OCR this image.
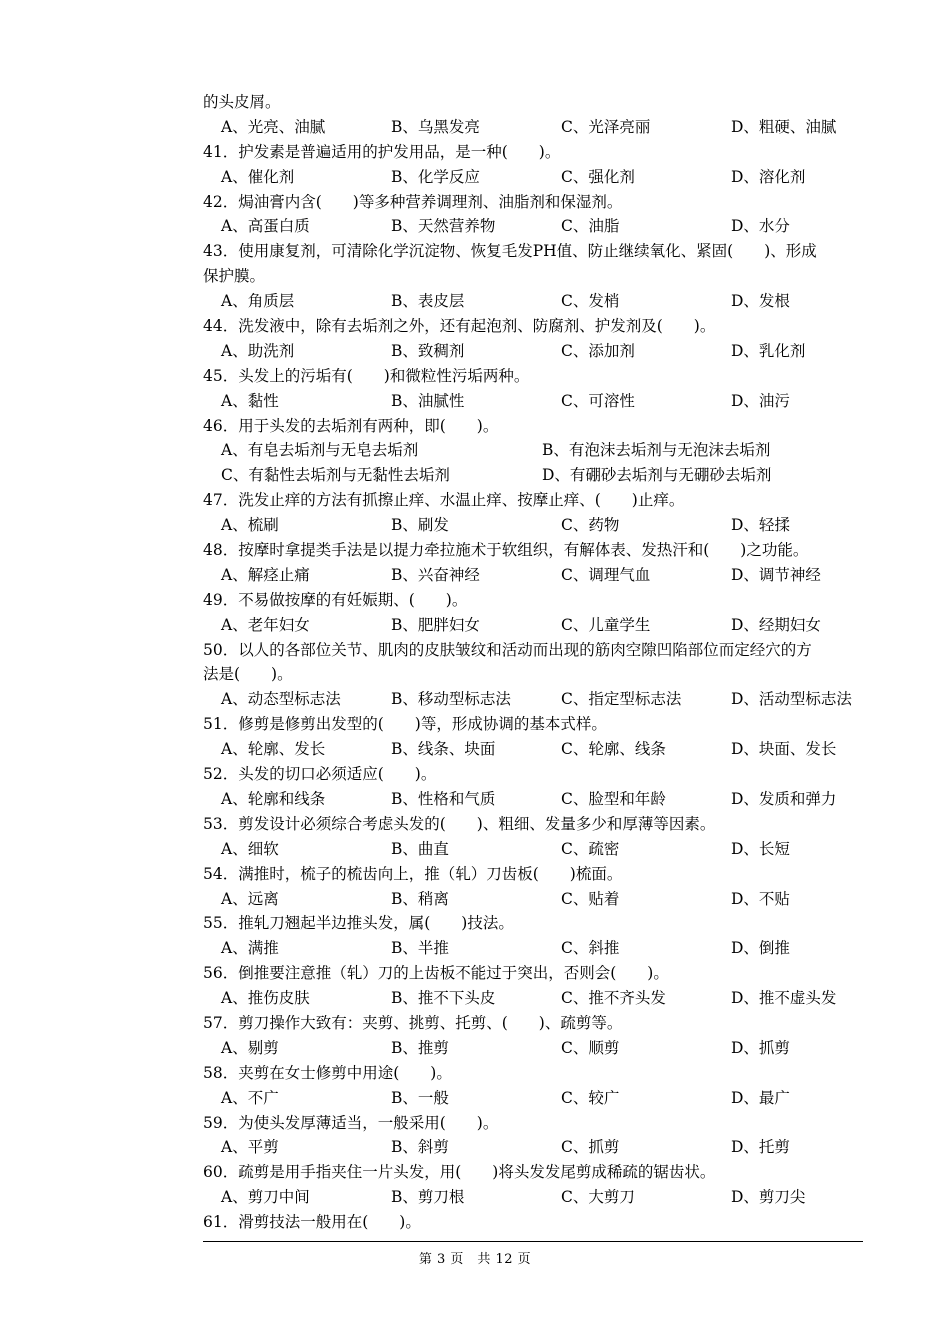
的头皮屑。
A、光亮、油腻	B、乌黑发亮	C、光泽亮丽	D、粗硬、油腻
41．护发素是普遍适用的护发用品，是一种(　　)。
A、催化剂	B、化学反应	C、强化剂	D、溶化剂
42．焗油膏内含(　　)等多种营养调理剂、油脂剂和保湿剂。
A、高蛋白质	B、天然营养物	C、油脂	D、水分
43．使用康复剂，可清除化学沉淀物、恢复毛发PH值、防止继续氧化、紧固(　　)、形成
保护膜。
A、角质层	B、表皮层	C、发梢	D、发根
44．洗发液中，除有去垢剂之外，还有起泡剂、防腐剂、护发剂及(　　)。
A、助洗剂	B、致稠剂	C、添加剂	D、乳化剂
45．头发上的污垢有(　　)和微粒性污垢两种。
A、黏性	B、油腻性	C、可溶性	D、油污
46．用于头发的去垢剂有两种，即(　　)。
A、有皂去垢剂与无皂去垢剂	B、有泡沫去垢剂与无泡沫去垢剂
C、有黏性去垢剂与无黏性去垢剂	D、有硼砂去垢剂与无硼砂去垢剂
47．洗发止痒的方法有抓擦止痒、水温止痒、按摩止痒、(　　)止痒。
A、梳刷	B、刷发	C、药物	D、轻揉
48．按摩时拿提类手法是以提力牵拉施术于软组织，有解体表、发热汗和(　　)之功能。
A、解痉止痛	B、兴奋神经	C、调理气血	D、调节神经
49．不易做按摩的有妊娠期、(　　)。
A、老年妇女	B、肥胖妇女	C、儿童学生	D、经期妇女
50．以人的各部位关节、肌肉的皮肤皱纹和活动而出现的筋肉空隙凹陷部位而定经穴的方
法是(　　)。
A、动态型标志法	B、移动型标志法	C、指定型标志法	D、活动型标志法
51．修剪是修剪出发型的(　　)等，形成协调的基本式样。
A、轮廓、发长	B、线条、块面	C、轮廓、线条	D、块面、发长
52．头发的切口必须适应(　　)。
A、轮廓和线条	B、性格和气质	C、脸型和年龄	D、发质和弹力
53．剪发设计必须综合考虑头发的(　　)、粗细、发量多少和厚薄等因素。
A、细软	B、曲直	C、疏密	D、长短
54．满推时，梳子的梳齿向上，推（轧）刀齿板(　　)梳面。
A、远离	B、稍离	C、贴着	D、不贴
55．推轧刀翘起半边推头发，属(　　)技法。
A、满推	B、半推	C、斜推	D、倒推
56．倒推要注意推（轧）刀的上齿板不能过于突出，否则会(　　)。
A、推伤皮肤	B、推不下头皮	C、推不齐头发	D、推不虚头发
57．剪刀操作大致有：夹剪、挑剪、托剪、(　　)、疏剪等。
A、剔剪	B、推剪	C、顺剪	D、抓剪
58．夹剪在女士修剪中用途(　　)。
A、不广	B、一般	C、较广	D、最广
59．为使头发厚薄适当，一般采用(　　)。
A、平剪	B、斜剪	C、抓剪	D、托剪
60．疏剪是用手指夹住一片头发，用(　　)将头发发尾剪成稀疏的锯齿状。
A、剪刀中间	B、剪刀根	C、大剪刀	D、剪刀尖
61．滑剪技法一般用在(　　)。
第 3 页　共 12 页
